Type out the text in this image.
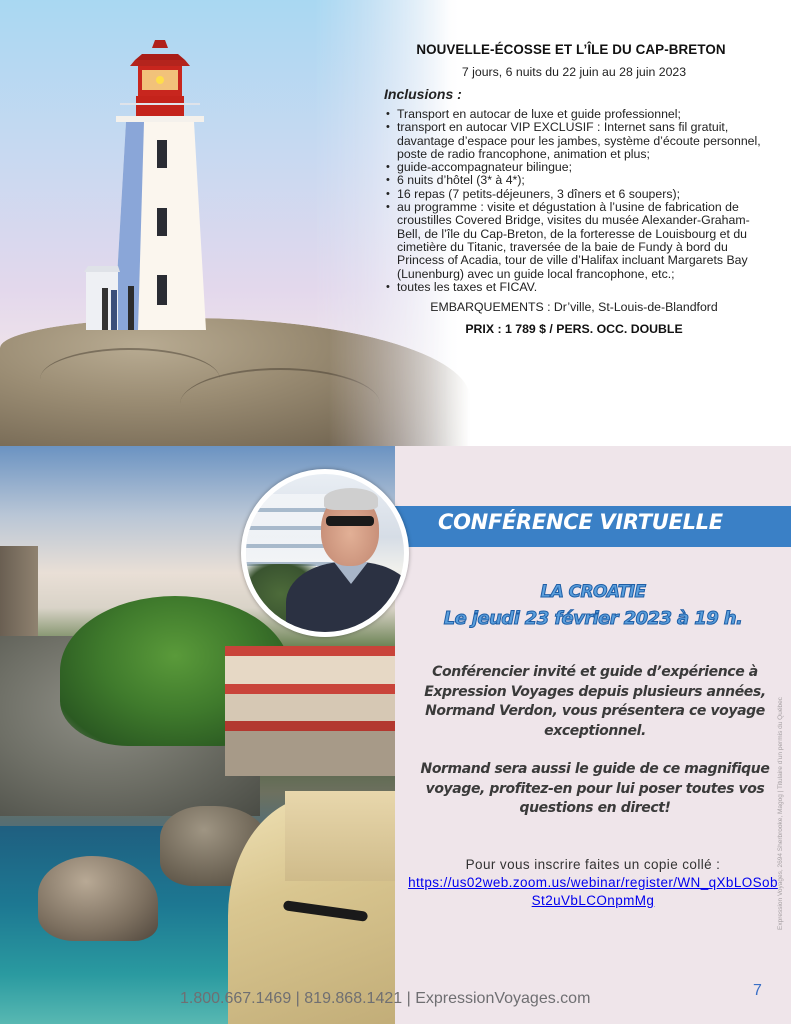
NOUVELLE-ÉCOSSE ET L’ÎLE DU CAP-BRETON

7 jours, 6 nuits du 22 juin au 28 juin 2023

Inclusions :
• Transport en autocar de luxe et guide professionnel;
• transport en autocar VIP EXCLUSIF : Internet sans fil gratuit, davantage d’espace pour les jambes, système d’écoute personnel, poste de radio francophone, animation et plus;
• guide-accompagnateur bilingue;
• 6 nuits d’hôtel (3* à 4*);
• 16 repas (7 petits-déjeuners, 3 dîners et 6 soupers);
• au programme : visite et dégustation à l’usine de fabrication de croustilles Covered Bridge, visites du musée Alexander-Graham-Bell, de l’île du Cap-Breton, de la forteresse de Louisbourg et du cimetière du Titanic, traversée de la baie de Fundy à bord du Princess of Acadia, tour de ville d’Halifax incluant Margarets Bay (Lunenburg) avec un guide local francophone, etc.;
• toutes les taxes et FICAV.

EMBARQUEMENTS : Dr’ville, St-Louis-de-Blandford

PRIX : 1 789 $ / PERS. OCC. DOUBLE

CONFÉRENCE VIRTUELLE
LA CROATIE
Le jeudi 23 février 2023 à 19 h.

Conférencier invité et guide d’expérience à Expression Voyages depuis plusieurs années, Normand Verdon, vous présentera ce voyage exceptionnel.

Normand sera aussi le guide de ce magnifique voyage, profitez-en pour lui poser toutes vos questions en direct!

Pour vous inscrire faites un copie collé :
https://us02web.zoom.us/webinar/register/WN_qXbLOSobSt2uVbLCOnpmMg	Expression Voyages, 2694 Sherbrooke, Magog | Titulaire d’un permis du Québec
1.800.667.1469 | 819.868.1421 | ExpressionVoyages.com	7
